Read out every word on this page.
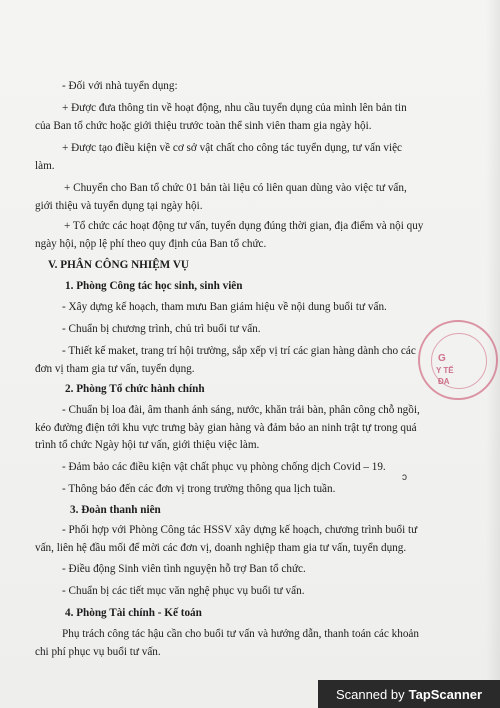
- Đối với nhà tuyển dụng:
+ Được đưa thông tin về hoạt động, nhu cầu tuyển dụng của mình lên bản tin
của Ban tổ chức hoặc giới thiệu trước toàn thể sinh viên tham gia ngày hội.
+ Được tạo điều kiện về cơ sở vật chất cho công tác tuyển dụng, tư vấn việc
làm.
+ Chuyển cho Ban tổ chức 01 bản tài liệu có liên quan dùng vào việc tư vấn,
giới thiệu và tuyển dụng tại ngày hội.
+ Tổ chức các hoạt động tư vấn, tuyển dụng đúng thời gian, địa điểm và nội quy
ngày hội, nộp lệ phí theo quy định của Ban tổ chức.
V. PHÂN CÔNG NHIỆM VỤ
1. Phòng Công tác học sinh, sinh viên
- Xây dựng kế hoạch, tham mưu Ban giám hiệu về nội dung buổi tư vấn.
- Chuẩn bị chương trình, chủ trì buổi tư vấn.
- Thiết kế maket, trang trí hội trường, sắp xếp vị trí các gian hàng dành cho các
đơn vị tham gia tư vấn, tuyển dụng.
2. Phòng Tổ chức hành chính
- Chuẩn bị loa đài, âm thanh ánh sáng, nước, khăn trải bàn, phân công chỗ ngồi,
kéo đường điện tới khu vực trưng bày gian hàng và đảm bảo an ninh trật tự trong quá
trình tổ chức Ngày hội tư vấn, giới thiệu việc làm.
- Đảm bảo các điều kiện vật chất phục vụ phòng chống dịch Covid – 19.
- Thông báo đến các đơn vị trong trường thông qua lịch tuần.
3. Đoàn thanh niên
- Phối hợp với Phòng Công tác HSSV xây dựng kế hoạch, chương trình buổi tư
vấn, liên hệ đầu mối để mời các đơn vị, doanh nghiệp tham gia tư vấn, tuyển dụng.
- Điều động Sinh viên tình nguyện hỗ trợ Ban tổ chức.
- Chuẩn bị các tiết mục văn nghệ phục vụ buổi tư vấn.
4. Phòng Tài chính - Kế toán
Phụ trách công tác hậu cần cho buổi tư vấn và hướng dẫn, thanh toán các khoản
chi phí phục vụ buổi tư vấn.
G
Y TẾ
ĐA
ɔ
Scanned by TapScanner
